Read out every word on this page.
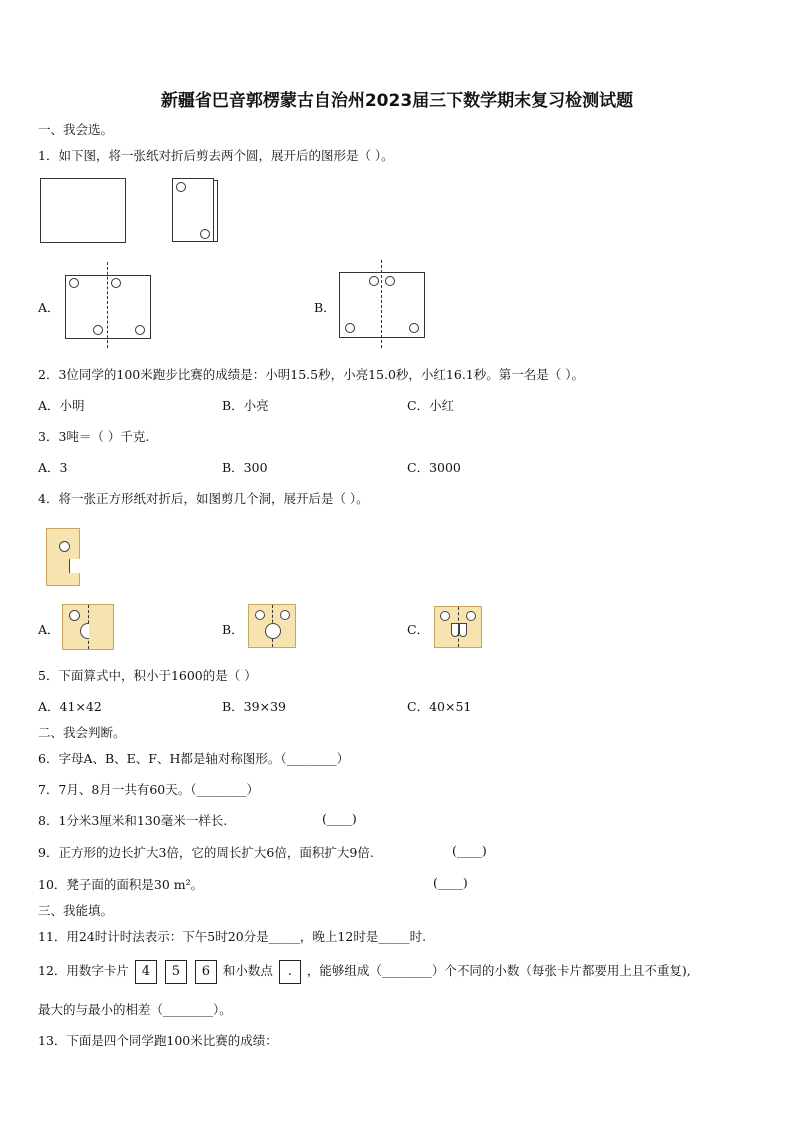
新疆省巴音郭楞蒙古自治州2023届三下数学期末复习检测试题
一、我会选。
1．如下图，将一张纸对折后剪去两个圆，展开后的图形是（ ）。
A．	B．
2．3位同学的100米跑步比赛的成绩是：小明15.5秒，小亮15.0秒，小红16.1秒。第一名是（ ）。
A．小明	B．小亮	C．小红
3．3吨＝（ ）千克.
A．3	B．300	C．3000
4．将一张正方形纸对折后，如图剪几个洞，展开后是（ ）。
A．	B．	C．
5．下面算式中，积小于1600的是（ ）
A．41×42	B．39×39	C．40×51
二、我会判断。
6．字母A、B、E、F、H都是轴对称图形。（________）
7．7月、8月一共有60天。（________）
8．1分米3厘米和130毫米一样长.	(____)
9．正方形的边长扩大3倍，它的周长扩大6倍，面积扩大9倍.	(____)
10．凳子面的面积是30 m²。	(____)
三、我能填。
11．用24时计时法表示：下午5时20分是_____，晚上12时是_____时.
12．用数字卡片 4 5 6 和小数点 . ，能够组成（________）个不同的小数（每张卡片都要用上且不重复),
最大的与最小的相差（________）。
13．下面是四个同学跑100米比赛的成绩：
